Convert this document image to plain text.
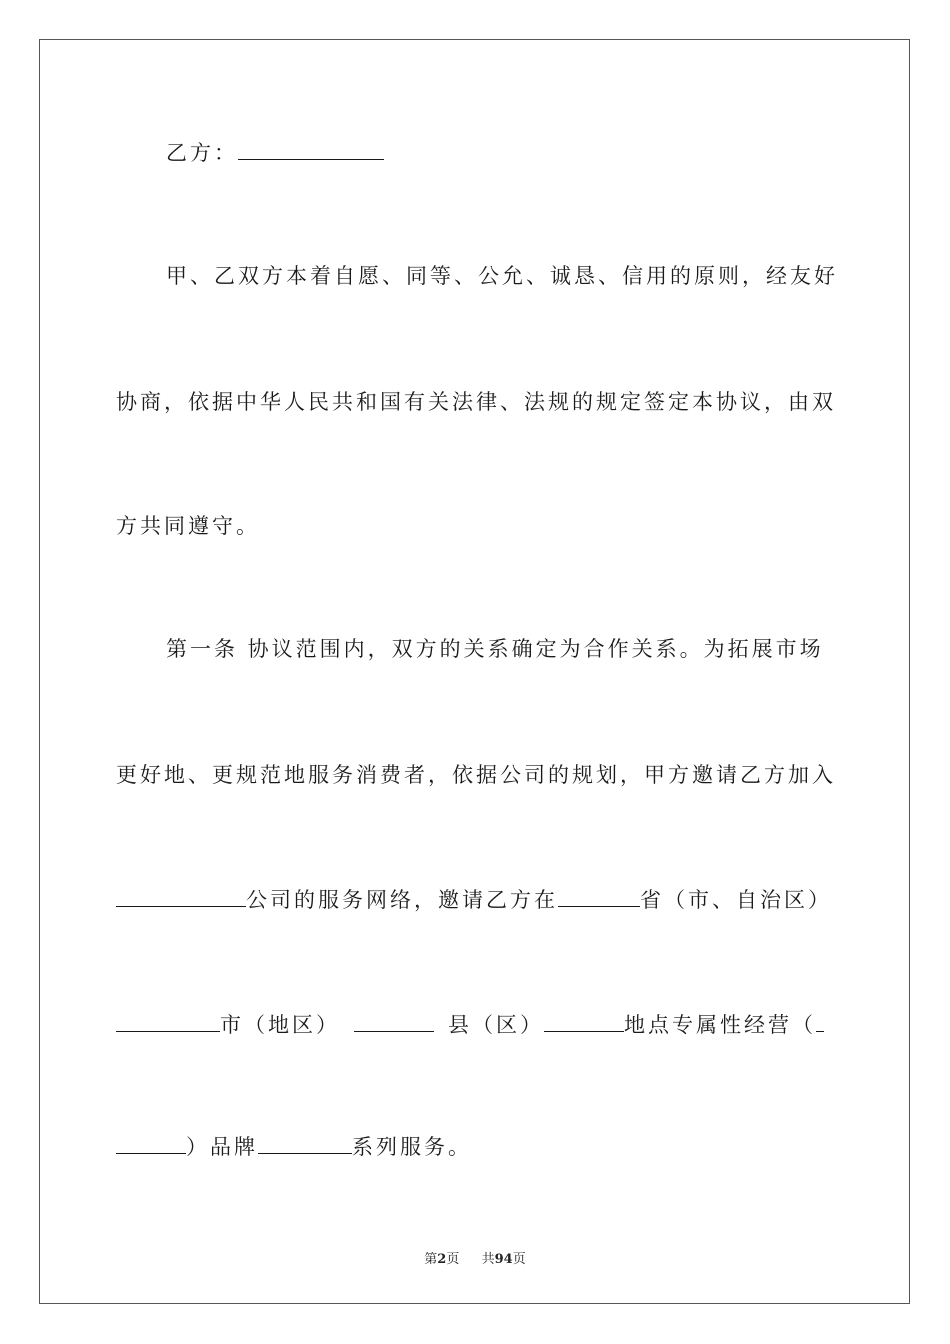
乙方：
甲、乙双方本着自愿、同等、公允、诚恳、信用的原则，经友好
协商，依据中华人民共和国有关法律、法规的规定签定本协议，由双
方共同遵守。
第一条 协议范围内，双方的关系确定为合作关系。为拓展市场
更好地、更规范地服务消费者，依据公司的规划，甲方邀请乙方加入
公司的服务网络，邀请乙方在	省（市、自治区）
市（地区）	县（区）	地点专属性经营（
）品牌	系列服务。
第2页 共94页
